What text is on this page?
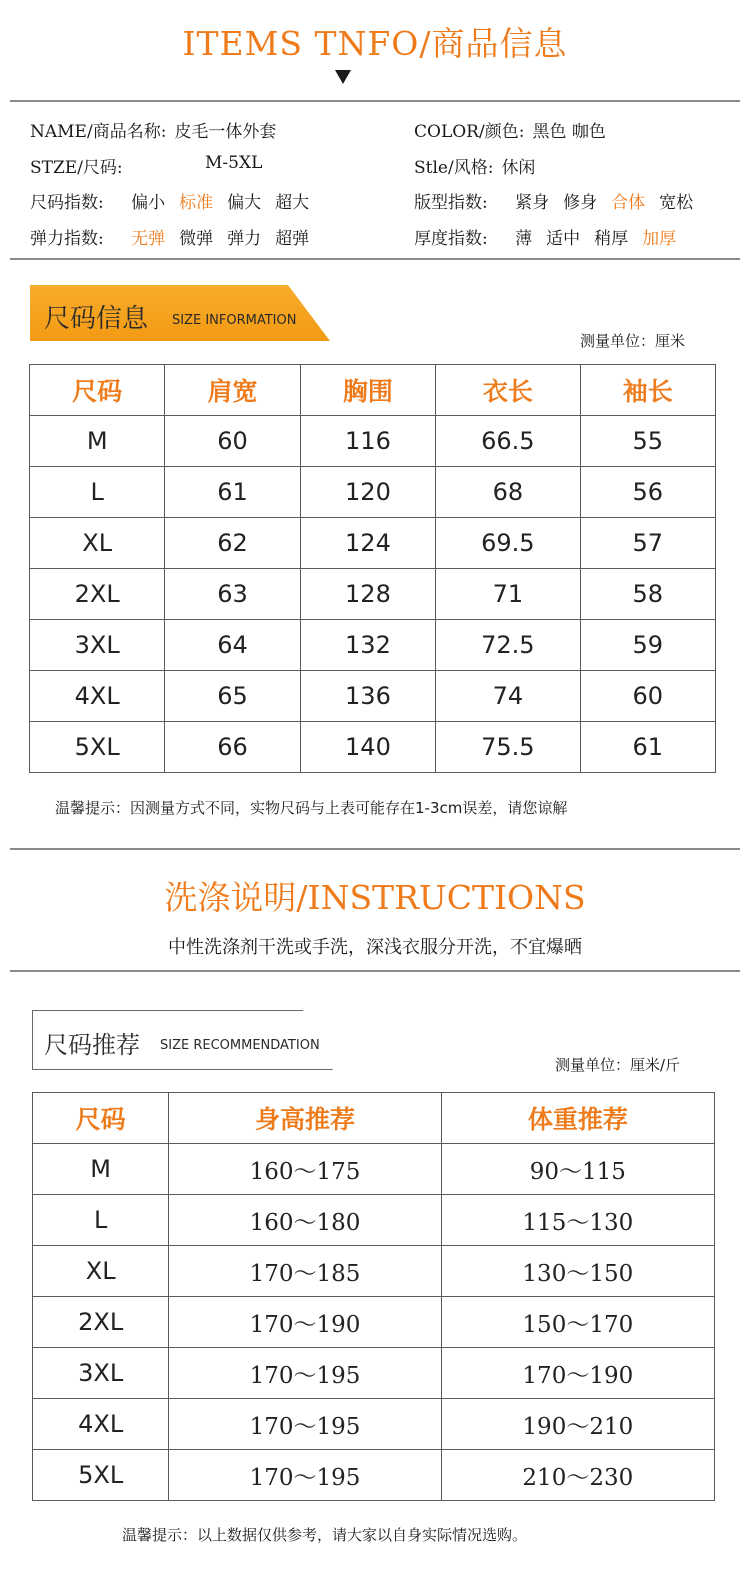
ITEMS TNFO/商品信息
NAME/商品名称: 皮毛一体外套	COLOR/颜色: 黑色 咖色
STZE/尺码:	M-5XL	Stle/风格: 休闲
尺码指数: 偏小 标准 偏大 超大	版型指数: 紧身 修身 合体 宽松
弹力指数: 无弹 微弹 弹力 超弹	厚度指数: 薄 适中 稍厚 加厚
尺码信息 SIZE INFORMATION
测量单位：厘米
尺码	肩宽	胸围	衣长	袖长
M	60	116	66.5	55
L	61	120	68	56
XL	62	124	69.5	57
2XL	63	128	71	58
3XL	64	132	72.5	59
4XL	65	136	74	60
5XL	66	140	75.5	61
温馨提示：因测量方式不同，实物尺码与上表可能存在1-3cm误差，请您谅解
洗涤说明/INSTRUCTIONS
中性洗涤剂干洗或手洗，深浅衣服分开洗，不宜爆晒
尺码推荐 SIZE RECOMMENDATION
测量单位：厘米/斤
尺码	身高推荐	体重推荐
M	160～175	90～115
L	160～180	115～130
XL	170～185	130～150
2XL	170～190	150～170
3XL	170～195	170～190
4XL	170～195	190～210
5XL	170～195	210～230
温馨提示：以上数据仅供参考，请大家以自身实际情况选购。
